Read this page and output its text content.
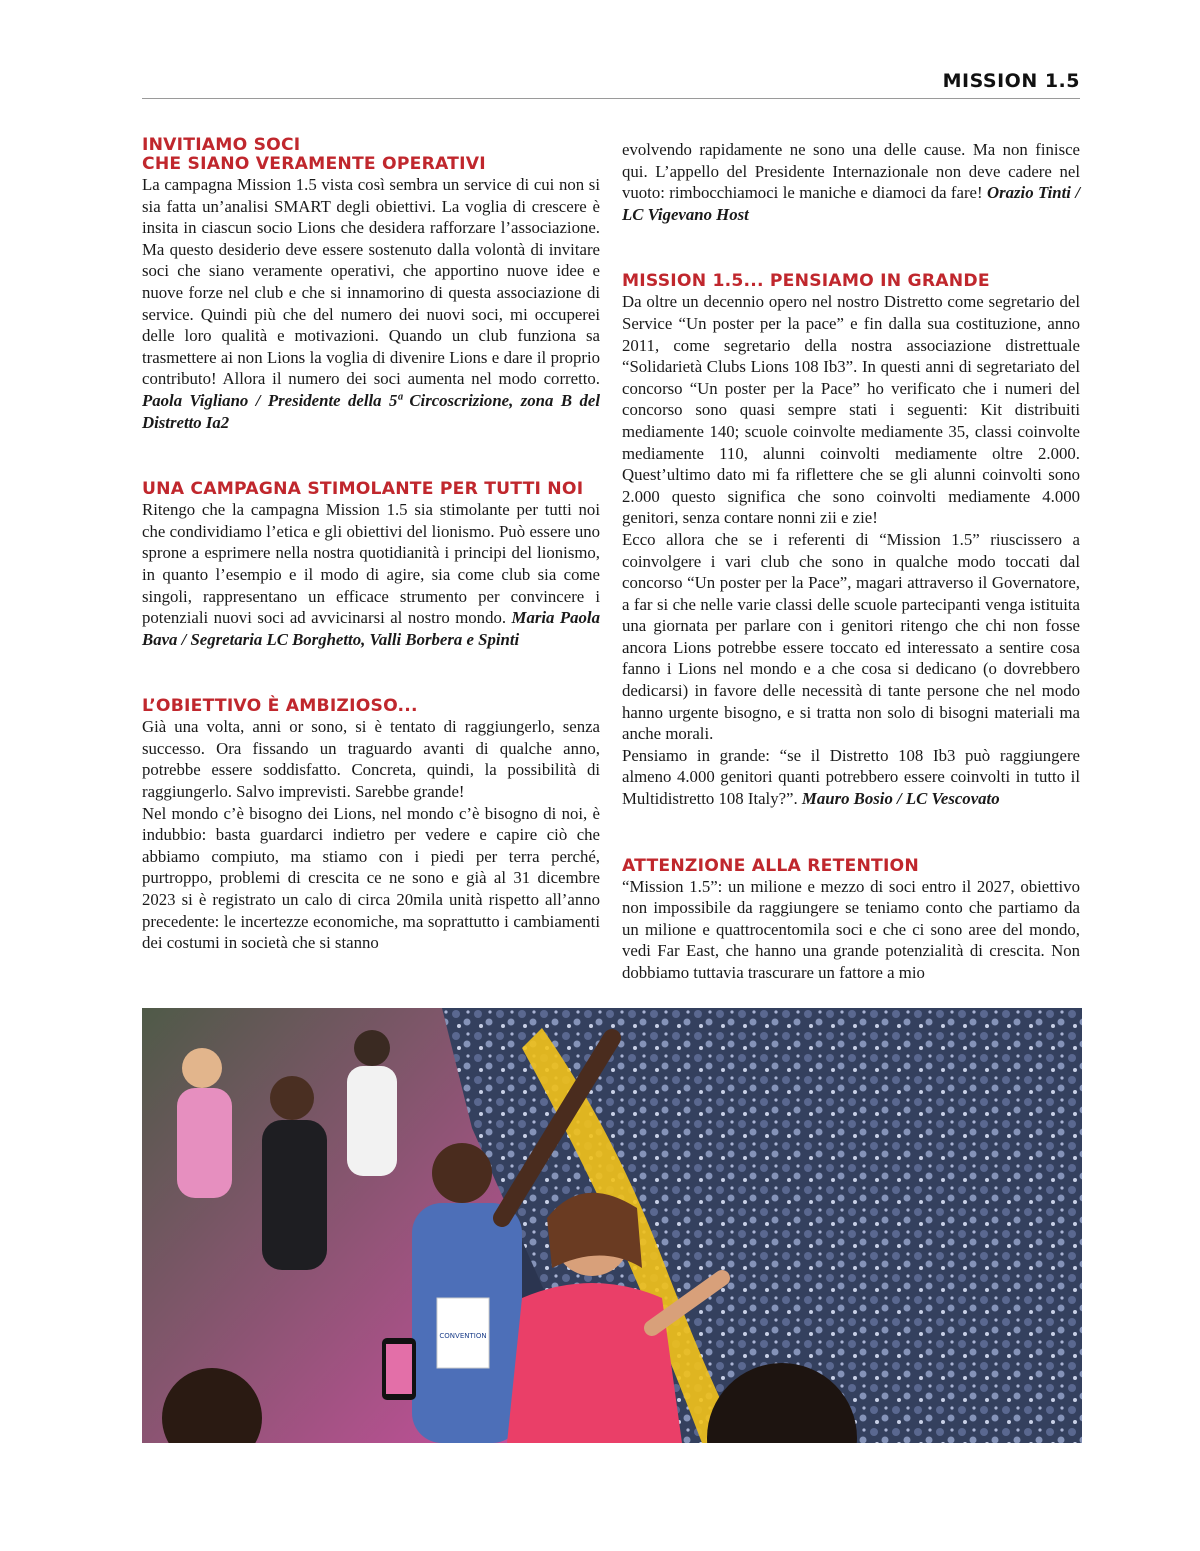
MISSION 1.5
INVITIAMO SOCI
CHE SIANO VERAMENTE OPERATIVI

La campagna Mission 1.5 vista così sembra un service di cui non si sia fatta un’analisi SMART degli obiettivi. La voglia di crescere è insita in ciascun socio Lions che desidera rafforzare l’associazione. Ma questo desiderio deve essere sostenuto dalla volontà di invitare soci che siano veramente operativi, che apportino nuove idee e nuove forze nel club e che si innamorino di questa associazione di service. Quindi più che del numero dei nuovi soci, mi occuperei delle loro qualità e motivazioni. Quando un club funziona sa trasmettere ai non Lions la voglia di divenire Lions e dare il proprio contributo! Allora il numero dei soci aumenta nel modo corretto. Paola Vigliano / Presidente della 5ª Circoscrizione, zona B del Distretto Ia2

UNA CAMPAGNA STIMOLANTE PER TUTTI NOI

Ritengo che la campagna Mission 1.5 sia stimolante per tutti noi che condividiamo l’etica e gli obiettivi del lionismo. Può essere uno sprone a esprimere nella nostra quotidianità i principi del lionismo, in quanto l’esempio e il modo di agire, sia come club sia come singoli, rappresentano un efficace strumento per convincere i potenziali nuovi soci ad avvicinarsi al nostro mondo. Maria Paola Bava / Segretaria LC Borghetto, Valli Borbera e Spinti

L’OBIETTIVO È AMBIZIOSO...

Già una volta, anni or sono, si è tentato di raggiungerlo, senza successo. Ora fissando un traguardo avanti di qualche anno, potrebbe essere soddisfatto. Concreta, quindi, la possibilità di raggiungerlo. Salvo imprevisti. Sarebbe grande!

Nel mondo c’è bisogno dei Lions, nel mondo c’è bisogno di noi, è indubbio: basta guardarci indietro per vedere e capire ciò che abbiamo compiuto, ma stiamo con i piedi per terra perché, purtroppo, problemi di crescita ce ne sono e già al 31 dicembre 2023 si è registrato un calo di circa 20mila unità rispetto all’anno precedente: le incertezze economiche, ma soprattutto i cambiamenti dei costumi in società che si stanno

evolvendo rapidamente ne sono una delle cause. Ma non finisce qui. L’appello del Presidente Internazionale non deve cadere nel vuoto: rimbocchiamoci le maniche e diamoci da fare! Orazio Tinti / LC Vigevano Host

MISSION 1.5... PENSIAMO IN GRANDE

Da oltre un decennio opero nel nostro Distretto come segretario del Service “Un poster per la pace” e fin dalla sua costituzione, anno 2011, come segretario della nostra associazione distrettuale “Solidarietà Clubs Lions 108 Ib3”. In questi anni di segretariato del concorso “Un poster per la Pace” ho verificato che i numeri del concorso sono quasi sempre stati i seguenti: Kit distribuiti mediamente 140; scuole coinvolte mediamente 35, classi coinvolte mediamente 110, alunni coinvolti mediamente oltre 2.000. Quest’ultimo dato mi fa riflettere che se gli alunni coinvolti sono 2.000 questo significa che sono coinvolti mediamente 4.000 genitori, senza contare nonni zii e zie!

Ecco allora che se i referenti di “Mission 1.5” riuscissero a coinvolgere i vari club che sono in qualche modo toccati dal concorso “Un poster per la Pace”, magari attraverso il Governatore, a far si che nelle varie classi delle scuole partecipanti venga istituita una giornata per parlare con i genitori ritengo che chi non fosse ancora Lions potrebbe essere toccato ed interessato a sentire cosa fanno i Lions nel mondo e a che cosa si dedicano (o dovrebbero dedicarsi) in favore delle necessità di tante persone che nel modo hanno urgente bisogno, e si tratta non solo di bisogni materiali ma anche morali.

Pensiamo in grande: “se il Distretto 108 Ib3 può raggiungere almeno 4.000 genitori quanti potrebbero essere coinvolti in tutto il Multidistretto 108 Italy?”. Mauro Bosio / LC Vescovato

ATTENZIONE ALLA RETENTION

“Mission 1.5”: un milione e mezzo di soci entro il 2027, obiettivo non impossibile da raggiungere se teniamo conto che partiamo da un milione e quattrocentomila soci e che ci sono aree del mondo, vedi Far East, che hanno una grande potenzialità di crescita. Non dobbiamo tuttavia trascurare un fattore a mio

CONVENTION
